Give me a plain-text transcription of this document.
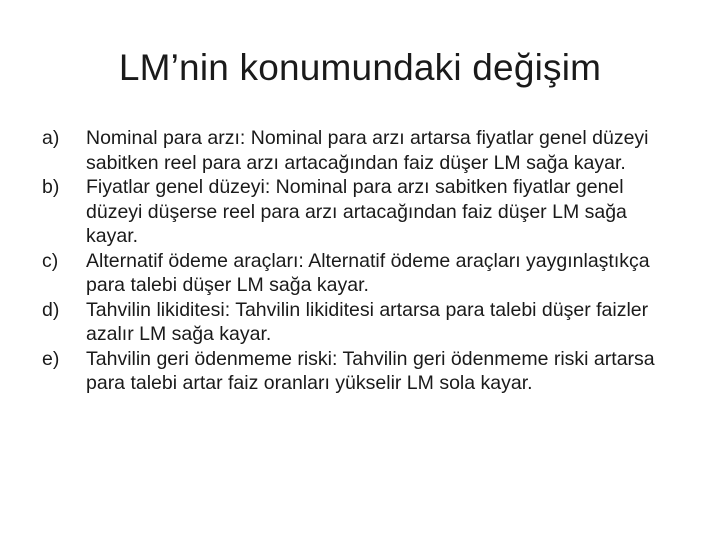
LM’nin konumundaki değişim
a)	Nominal para arzı: Nominal para arzı artarsa fiyatlar genel düzeyi sabitken reel para arzı artacağından faiz düşer LM sağa kayar.
b)	Fiyatlar genel düzeyi: Nominal para arzı sabitken fiyatlar genel düzeyi düşerse reel para arzı artacağından faiz düşer LM sağa kayar.
c)	Alternatif ödeme araçları: Alternatif ödeme araçları yaygınlaştıkça para talebi düşer LM sağa kayar.
d)	Tahvilin likiditesi: Tahvilin likiditesi artarsa para talebi düşer faizler azalır LM sağa kayar.
e)	Tahvilin geri ödenmeme riski: Tahvilin geri ödenmeme riski artarsa para talebi artar faiz oranları yükselir LM sola kayar.
